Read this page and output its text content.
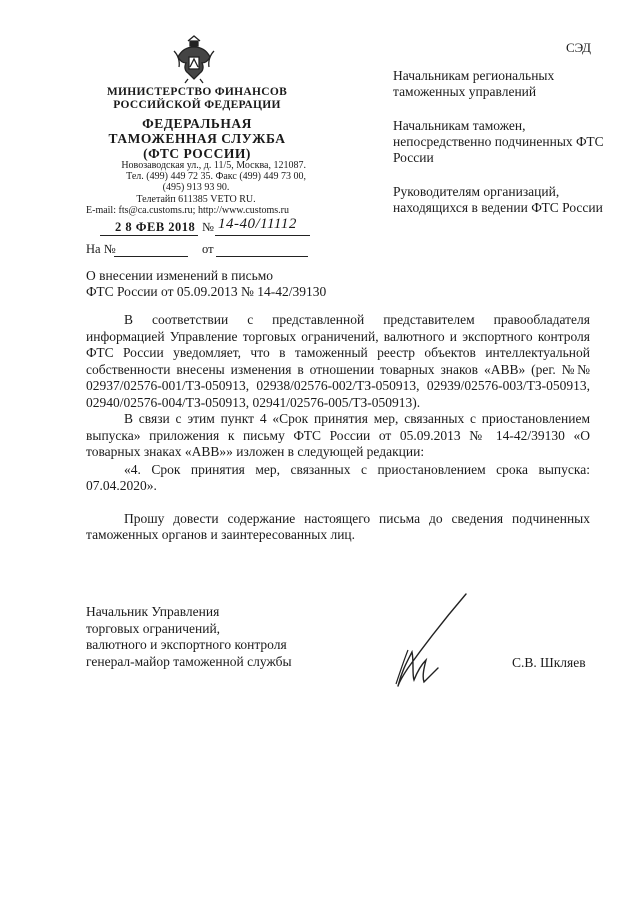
СЭД
МИНИСТЕРСТВО ФИНАНСОВ
РОССИЙСКОЙ ФЕДЕРАЦИИ
ФЕДЕРАЛЬНАЯ
ТАМОЖЕННАЯ СЛУЖБА
(ФТС РОССИИ)
Новозаводская ул., д. 11/5, Москва, 121087.
Тел. (499) 449 72 35. Факс (499) 449 73 00,
(495) 913 93 90.
Телетайп 611385 VETO RU.
E-mail: fts@ca.customs.ru; http://www.customs.ru
2 8 ФЕВ 2018 № 14-40/11112
На №	от
Начальникам региональных таможенных управлений
Начальникам таможен, непосредственно подчиненных ФТС России
Руководителям организаций, находящихся в ведении ФТС России
О внесении изменений в письмо
ФТС России от 05.09.2013 № 14-42/39130

В соответствии с представленной представителем правообладателя информацией Управление торговых ограничений, валютного и экспортного контроля ФТС России уведомляет, что в таможенный реестр объектов интеллектуальной собственности внесены изменения в отношении товарных знаков «ABB» (рег. №№ 02937/02576-001/ТЗ-050913, 02938/02576-002/ТЗ-050913, 02939/02576-003/ТЗ-050913, 02940/02576-004/ТЗ-050913, 02941/02576-005/ТЗ-050913).

В связи с этим пункт 4 «Срок принятия мер, связанных с приостановлением выпуска» приложения к письму ФТС России от 05.09.2013 № 14-42/39130 «О товарных знаках «ABB»» изложен в следующей редакции:

«4. Срок принятия мер, связанных с приостановлением срока выпуска: 07.04.2020».

Прошу довести содержание настоящего письма до сведения подчиненных таможенных органов и заинтересованных лиц.

Начальник Управления
торговых ограничений,
валютного и экспортного контроля
генерал-майор таможенной службы	С.В. Шкляев
